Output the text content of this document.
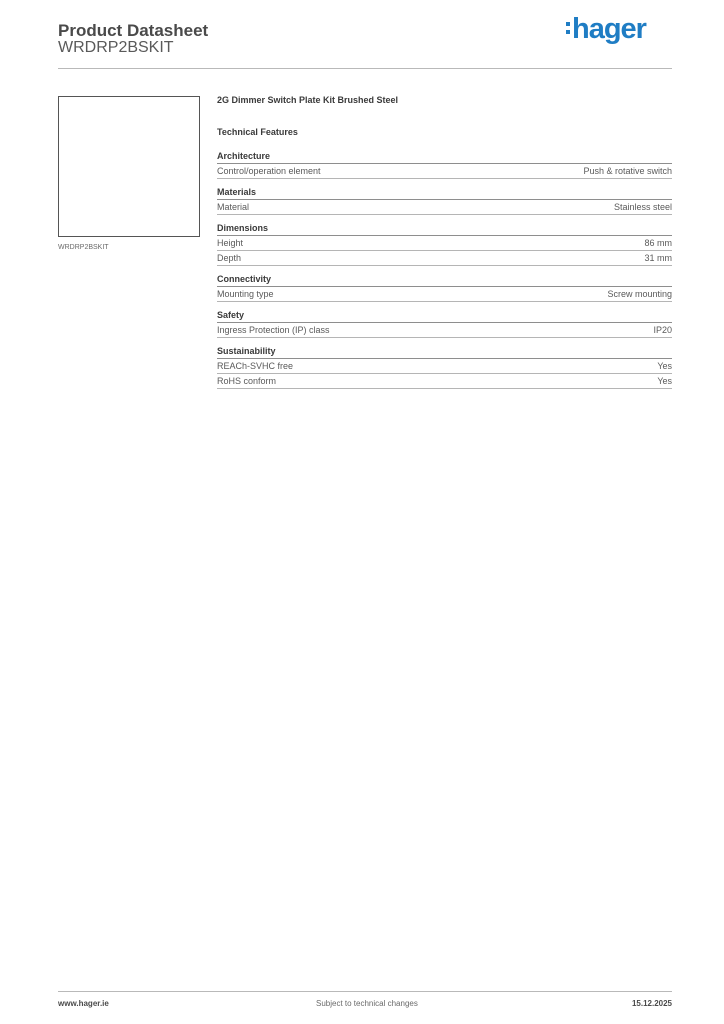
Product Datasheet
WRDRP2BSKIT
hager
WRDRP2BSKIT
2G Dimmer Switch Plate Kit Brushed Steel
Technical Features
Architecture
Control/operation element	Push & rotative switch
Materials
Material	Stainless steel
Dimensions
Height	86 mm
Depth	31 mm
Connectivity
Mounting type	Screw mounting
Safety
Ingress Protection (IP) class	IP20
Sustainability
REACh-SVHC free	Yes
RoHS conform	Yes
www.hager.ie	Subject to technical changes	15.12.2025
